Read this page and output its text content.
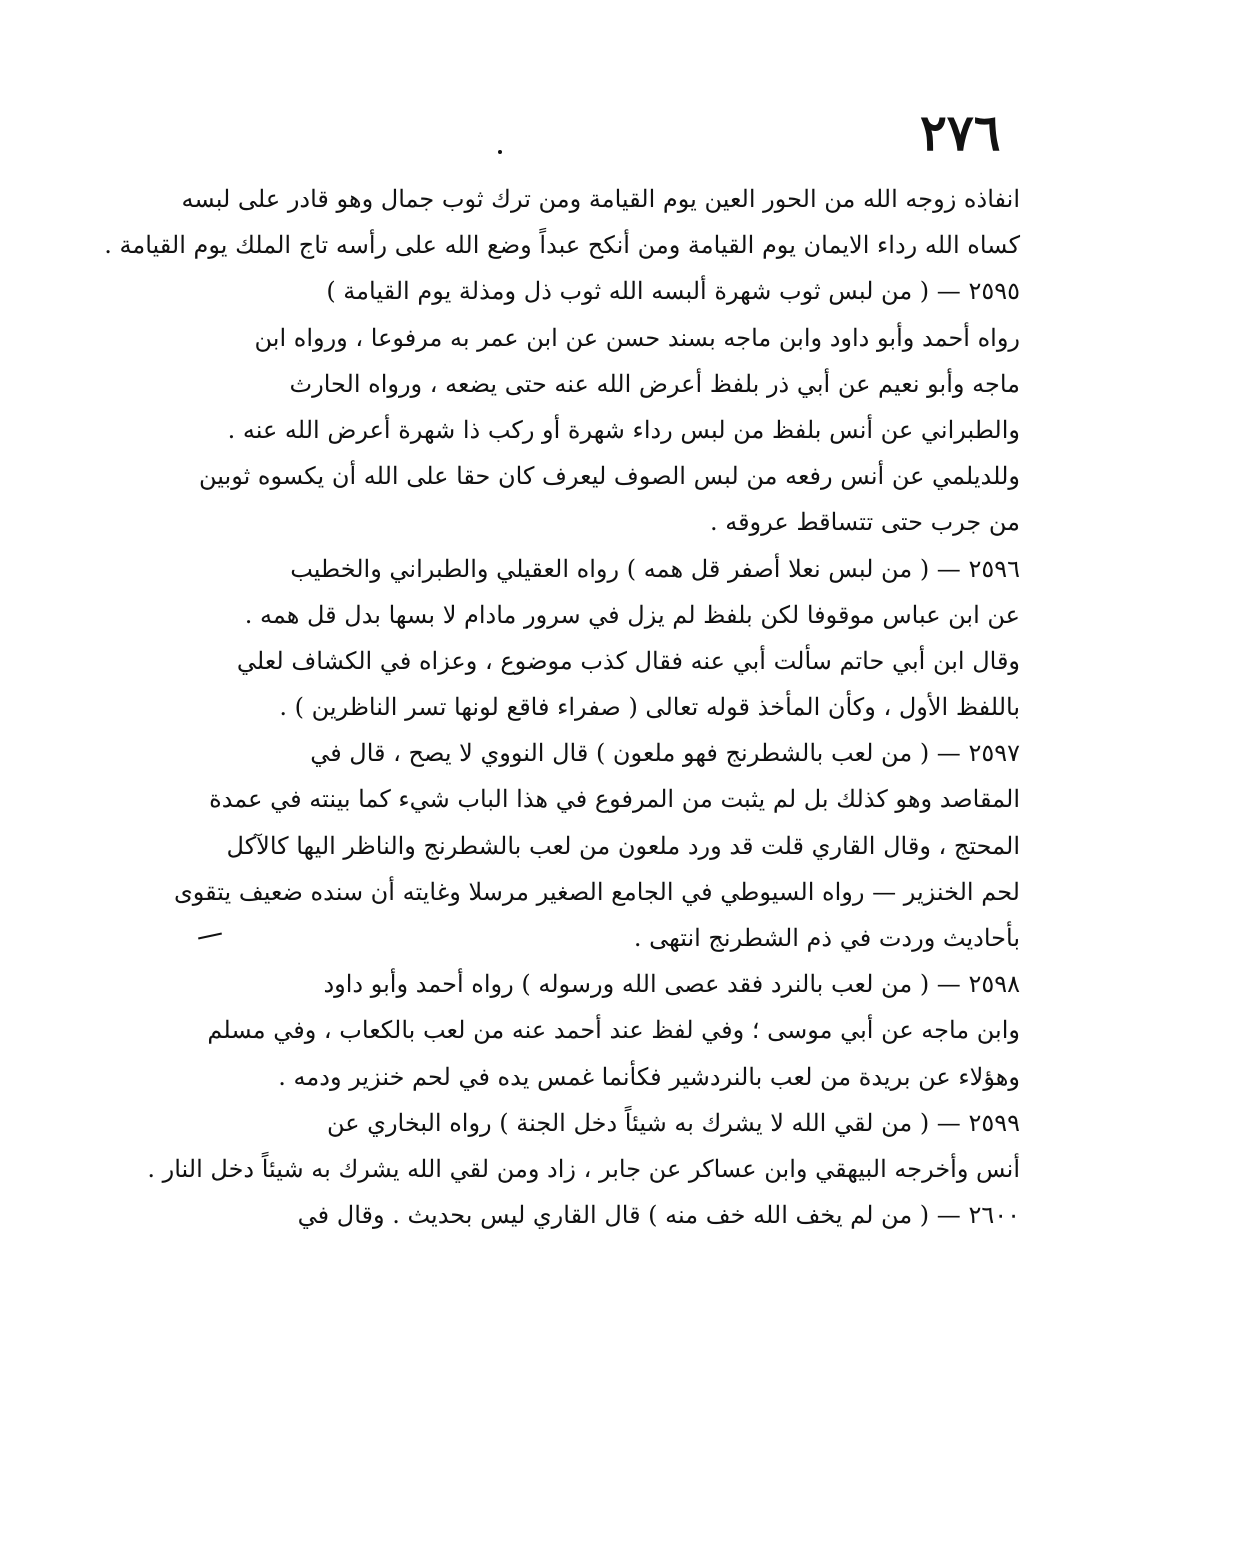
٢٧٦
انفاذه زوجه الله من الحور العين يوم القيامة ومن ترك ثوب جمال وهو قادر على لبسه
كساه الله رداء الايمان يوم القيامة ومن أنكح عبداً وضع الله على رأسه تاج الملك يوم القيامة .
٢٥٩٥ — ( من لبس ثوب شهرة ألبسه الله ثوب ذل ومذلة يوم القيامة )
رواه أحمد وأبو داود وابن ماجه بسند حسن عن ابن عمر به مرفوعا ، ورواه ابن
ماجه وأبو نعيم عن أبي ذر بلفظ أعرض الله عنه حتى يضعه ، ورواه الحارث
والطبراني عن أنس بلفظ من لبس رداء شهرة أو ركب ذا شهرة أعرض الله عنه .
وللديلمي عن أنس رفعه من لبس الصوف ليعرف كان حقا على الله أن يكسوه ثوبين
من جرب حتى تتساقط عروقه .
٢٥٩٦ — ( من لبس نعلا أصفر قل همه ) رواه العقيلي والطبراني والخطيب
عن ابن عباس موقوفا لكن بلفظ لم يزل في سرور مادام لا بسها بدل قل همه .
وقال ابن أبي حاتم سألت أبي عنه فقال كذب موضوع ، وعزاه في الكشاف لعلي
باللفظ الأول ، وكأن المأخذ قوله تعالى ( صفراء فاقع لونها تسر الناظرين ) .
٢٥٩٧ — ( من لعب بالشطرنج فهو ملعون ) قال النووي لا يصح ، قال في
المقاصد وهو كذلك بل لم يثبت من المرفوع في هذا الباب شيء كما بينته في عمدة
المحتج ، وقال القاري قلت قد ورد ملعون من لعب بالشطرنج والناظر اليها كالآكل
لحم الخنزير — رواه السيوطي في الجامع الصغير مرسلا وغايته أن سنده ضعيف يتقوى
بأحاديث وردت في ذم الشطرنج انتهى .
٢٥٩٨ — ( من لعب بالنرد فقد عصى الله ورسوله ) رواه أحمد وأبو داود
وابن ماجه عن أبي موسى ؛ وفي لفظ عند أحمد عنه من لعب بالكعاب ، وفي مسلم
وهؤلاء عن بريدة من لعب بالنردشير فكأنما غمس يده في لحم خنزير ودمه .
٢٥٩٩ — ( من لقي الله لا يشرك به شيئاً دخل الجنة ) رواه البخاري عن
أنس وأخرجه البيهقي وابن عساكر عن جابر ، زاد ومن لقي الله يشرك به شيئاً دخل النار .
٢٦٠٠ — ( من لم يخف الله خف منه ) قال القاري ليس بحديث . وقال في
